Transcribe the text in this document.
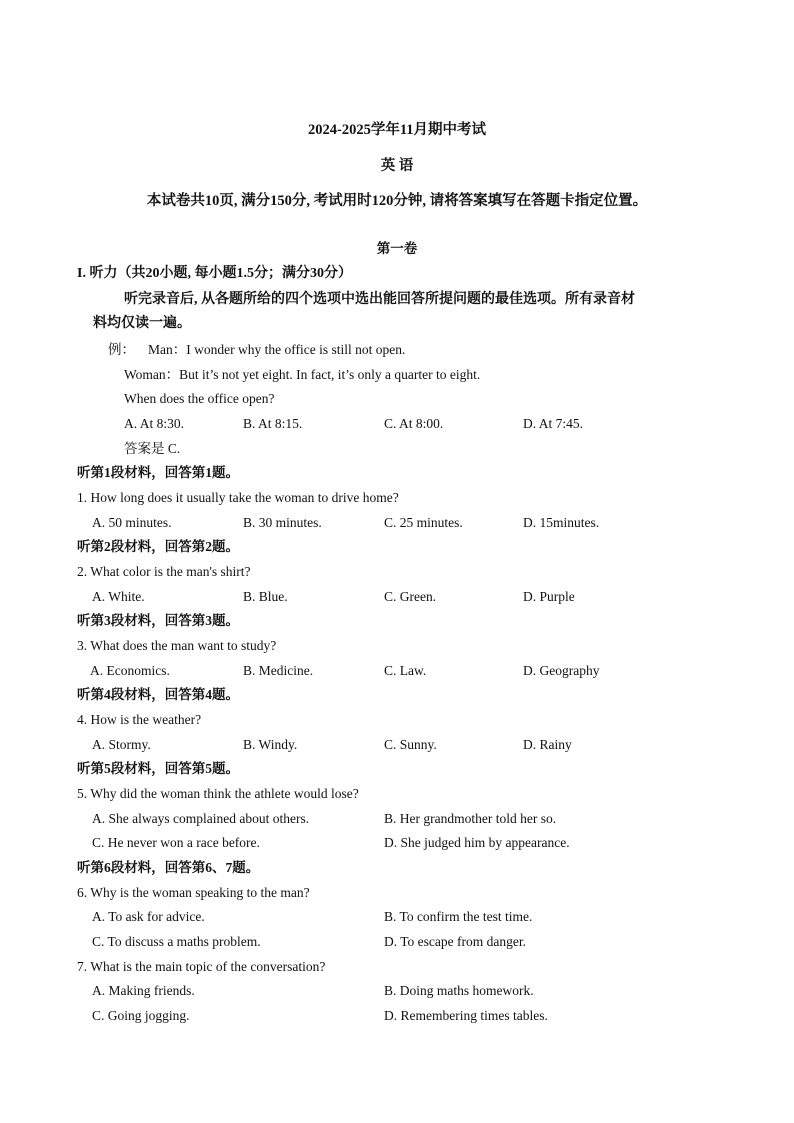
2024-2025学年11月期中考试
英 语
本试卷共10页, 满分150分, 考试用时120分钟, 请将答案填写在答题卡指定位置。
第一卷
I. 听力（共20小题, 每小题1.5分；满分30分）
听完录音后, 从各题所给的四个选项中选出能回答所提问题的最佳选项。所有录音材
料均仅读一遍。
例： Man：I wonder why the office is still not open.
Woman：But it’s not yet eight. In fact, it’s only a quarter to eight.
When does the office open?
A. At 8:30.	B. At 8:15.	C. At 8:00.	D. At 7:45.
答案是 C.
听第1段材料，回答第1题。
1. How long does it usually take the woman to drive home?
A. 50 minutes.	B. 30 minutes.	C. 25 minutes.	D. 15minutes.
听第2段材料，回答第2题。
2. What color is the man's shirt?
A. White.	B. Blue.	C. Green.	D. Purple
听第3段材料，回答第3题。
3. What does the man want to study?
A. Economics.	B. Medicine.	C. Law.	D. Geography
听第4段材料，回答第4题。
4. How is the weather?
A. Stormy.	B. Windy.	C. Sunny.	D. Rainy
听第5段材料，回答第5题。
5. Why did the woman think the athlete would lose?
A. She always complained about others.	B. Her grandmother told her so.
C. He never won a race before.	D. She judged him by appearance.
听第6段材料，回答第6、7题。
6. Why is the woman speaking to the man?
A. To ask for advice.	B. To confirm the test time.
C. To discuss a maths problem.	D. To escape from danger.
7. What is the main topic of the conversation?
A. Making friends.	B. Doing maths homework.
C. Going jogging.	D. Remembering times tables.
